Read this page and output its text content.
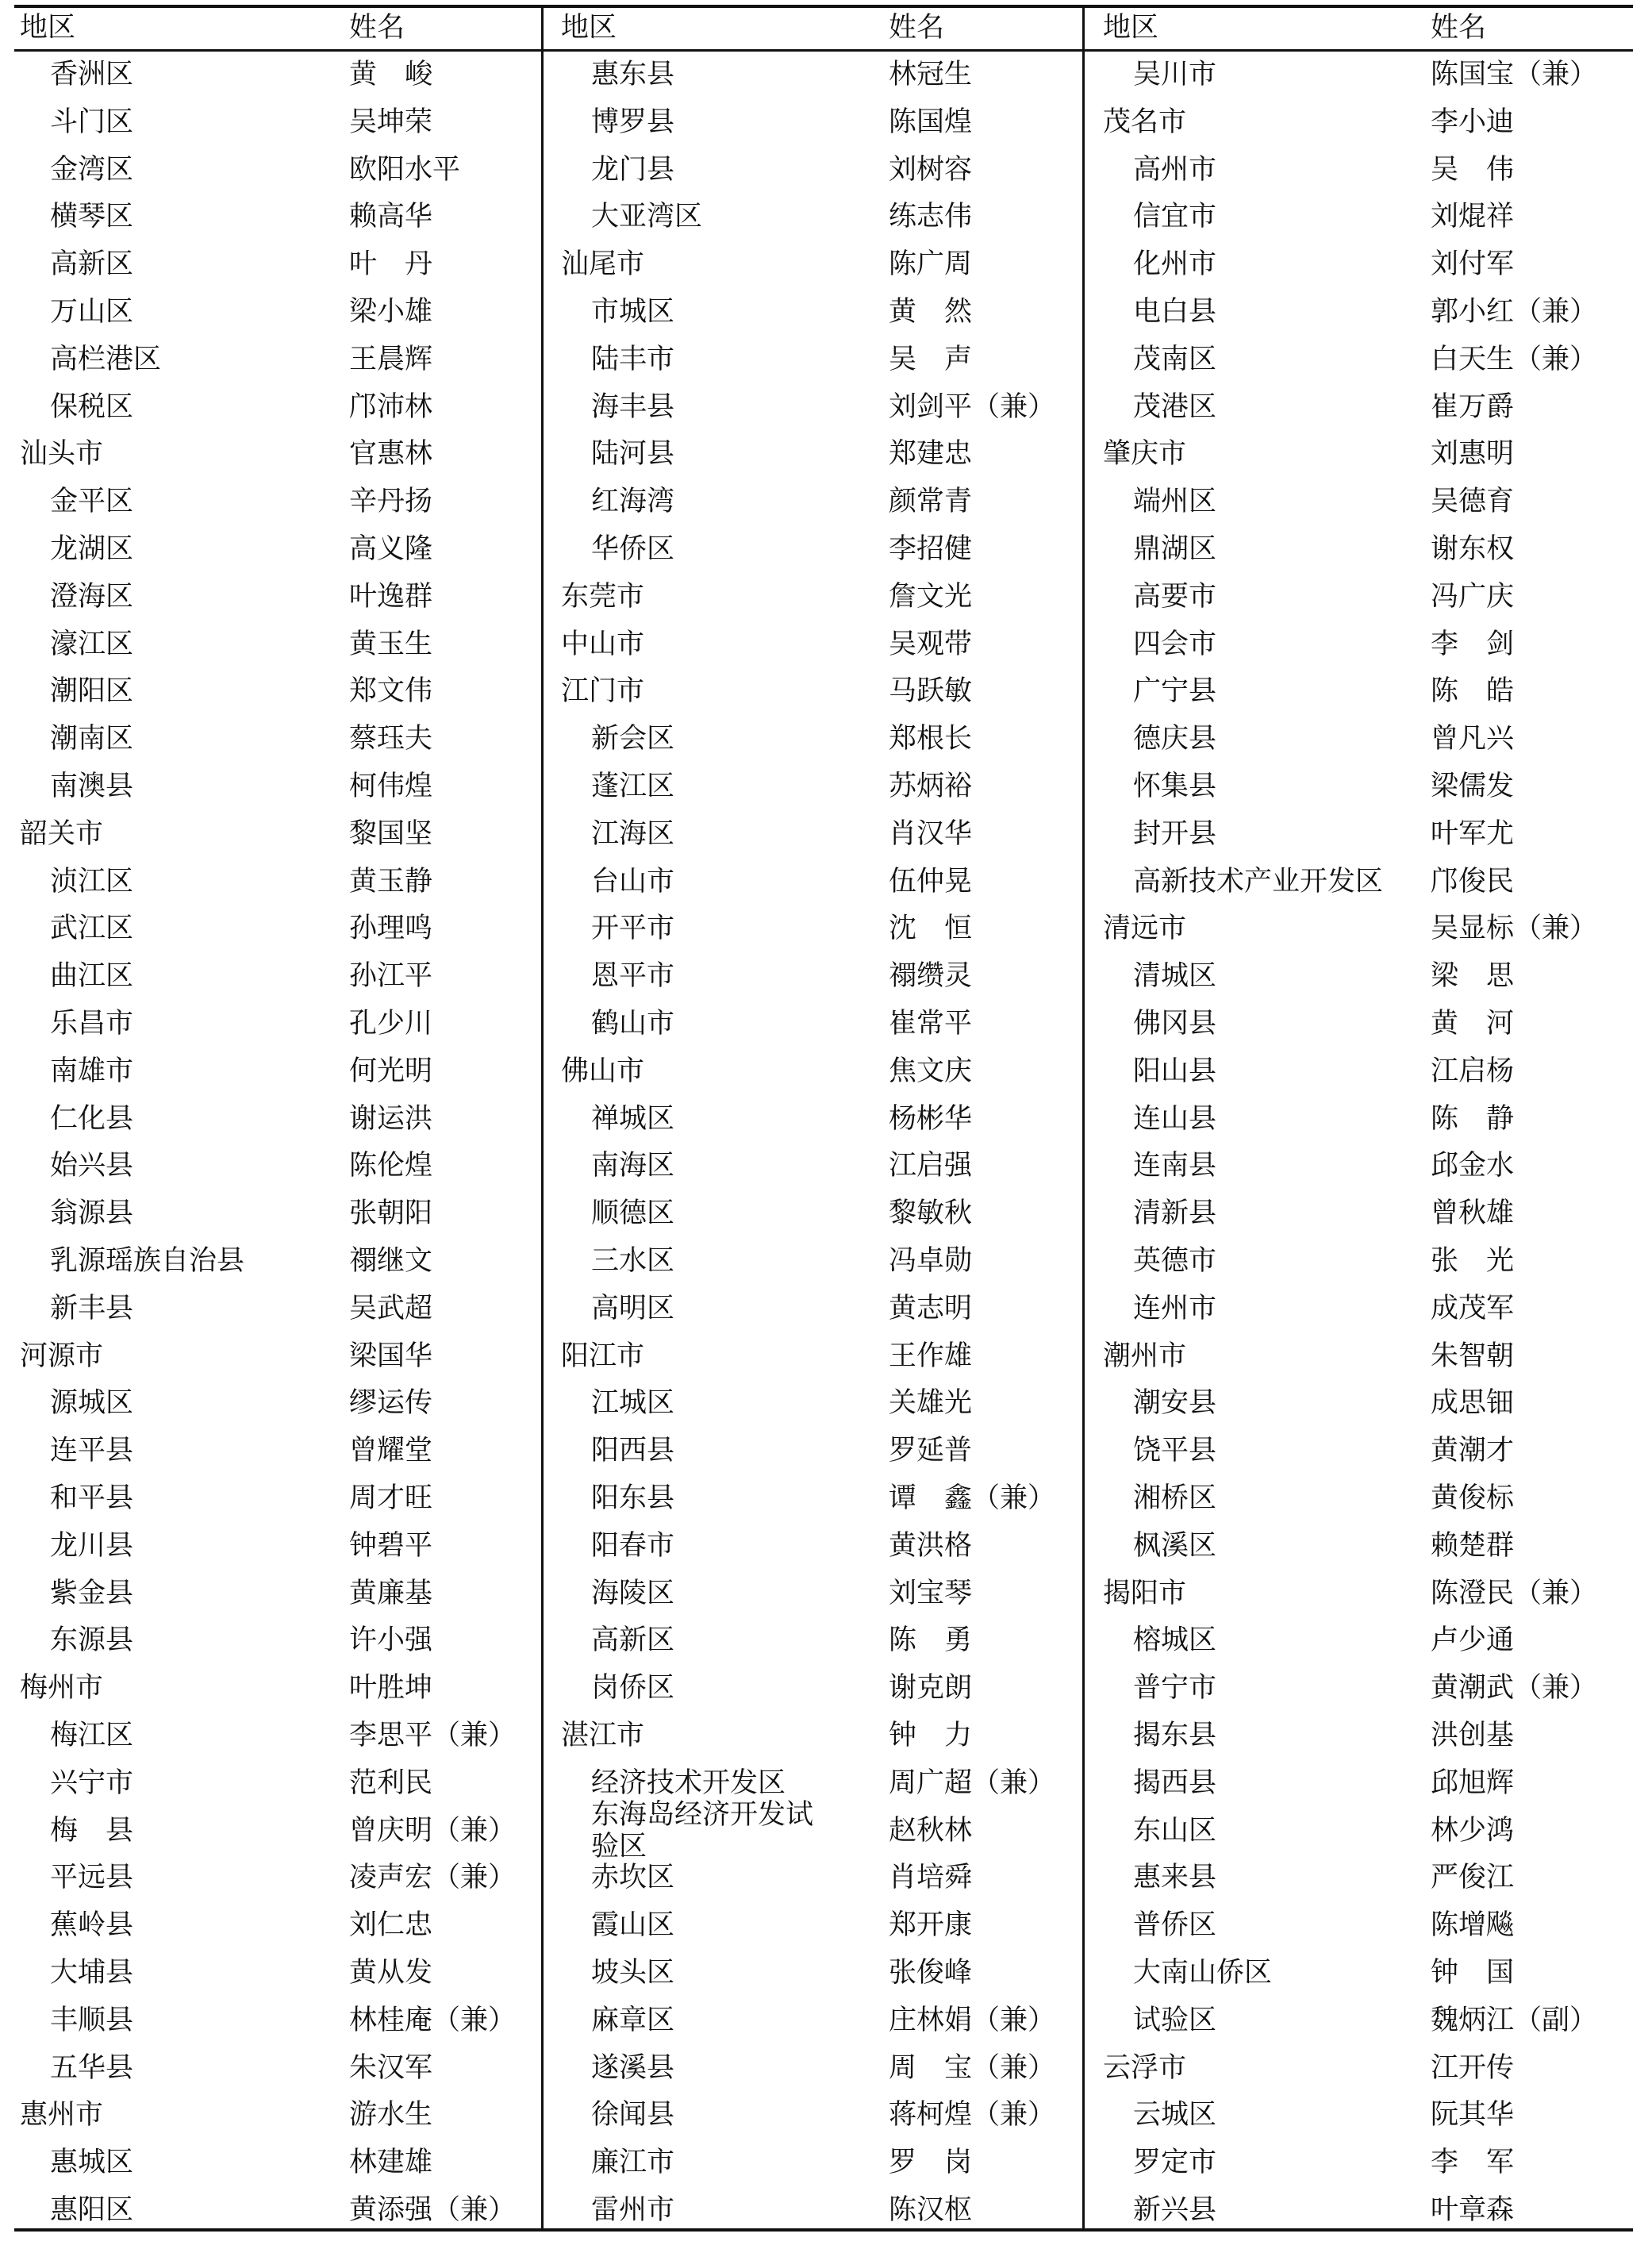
地区	姓名	地区	姓名	地区	姓名
香洲区	黄　峻
斗门区	吴坤荣
金湾区	欧阳水平
横琴区	赖高华
高新区	叶　丹
万山区	梁小雄
高栏港区	王晨辉
保税区	邝沛林
汕头市	官惠林
金平区	辛丹扬
龙湖区	高义隆
澄海区	叶逸群
濠江区	黄玉生
潮阳区	郑文伟
潮南区	蔡珏夫
南澳县	柯伟煌
韶关市	黎国坚
浈江区	黄玉静
武江区	孙理鸣
曲江区	孙江平
乐昌市	孔少川
南雄市	何光明
仁化县	谢运洪
始兴县	陈伦煌
翁源县	张朝阳
乳源瑶族自治县	禤继文
新丰县	吴武超
河源市	梁国华
源城区	缪运传
连平县	曾耀堂
和平县	周才旺
龙川县	钟碧平
紫金县	黄廉基
东源县	许小强
梅州市	叶胜坤
梅江区	李思平（兼）
兴宁市	范利民
梅　县	曾庆明（兼）
平远县	凌声宏（兼）
蕉岭县	刘仁忠
大埔县	黄从发
丰顺县	林桂庵（兼）
五华县	朱汉军
惠州市	游水生
惠城区	林建雄
惠阳区	黄添强（兼）
惠东县	林冠生
博罗县	陈国煌
龙门县	刘树容
大亚湾区	练志伟
汕尾市	陈广周
市城区	黄　然
陆丰市	吴　声
海丰县	刘剑平（兼）
陆河县	郑建忠
红海湾	颜常青
华侨区	李招健
东莞市	詹文光
中山市	吴观带
江门市	马跃敏
新会区	郑根长
蓬江区	苏炳裕
江海区	肖汉华
台山市	伍仲晃
开平市	沈　恒
恩平市	禤缵灵
鹤山市	崔常平
佛山市	焦文庆
禅城区	杨彬华
南海区	江启强
顺德区	黎敏秋
三水区	冯卓勋
高明区	黄志明
阳江市	王作雄
江城区	关雄光
阳西县	罗延普
阳东县	谭　鑫（兼）
阳春市	黄洪格
海陵区	刘宝琴
高新区	陈　勇
岗侨区	谢克朗
湛江市	钟　力
经济技术开发区	周广超（兼）
东海岛经济开发试验区	赵秋林
赤坎区	肖培舜
霞山区	郑开康
坡头区	张俊峰
麻章区	庄林娟（兼）
遂溪县	周　宝（兼）
徐闻县	蒋柯煌（兼）
廉江市	罗　岗
雷州市	陈汉枢
吴川市	陈国宝（兼）
茂名市	李小迪
高州市	吴　伟
信宜市	刘焜祥
化州市	刘付军
电白县	郭小红（兼）
茂南区	白天生（兼）
茂港区	崔万爵
肇庆市	刘惠明
端州区	吴德育
鼎湖区	谢东权
高要市	冯广庆
四会市	李　剑
广宁县	陈　皓
德庆县	曾凡兴
怀集县	梁儒发
封开县	叶军尤
高新技术产业开发区 邝俊民
清远市	吴显标（兼）
清城区	梁　思
佛冈县	黄　河
阳山县	江启杨
连山县	陈　静
连南县	邱金水
清新县	曾秋雄
英德市	张　光
连州市	成茂军
潮州市	朱智朝
潮安县	成思钿
饶平县	黄潮才
湘桥区	黄俊标
枫溪区	赖楚群
揭阳市	陈澄民（兼）
榕城区	卢少通
普宁市	黄潮武（兼）
揭东县	洪创基
揭西县	邱旭辉
东山区	林少鸿
惠来县	严俊江
普侨区	陈增飚
大南山侨区	钟　国
试验区	魏炳江（副）
云浮市	江开传
云城区	阮其华
罗定市	李　军
新兴县	叶章森
